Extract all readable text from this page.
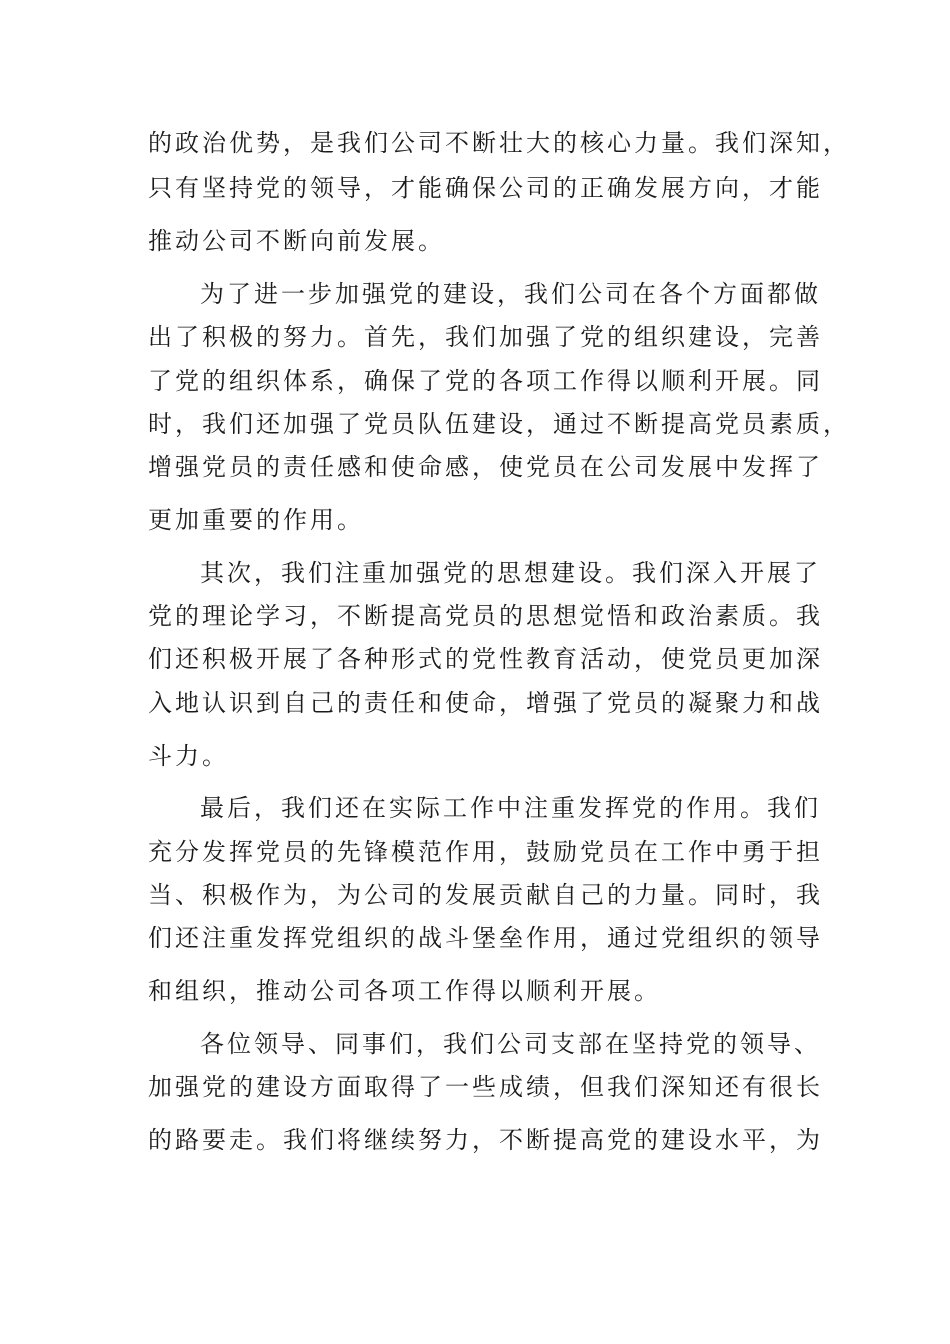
的政治优势，是我们公司不断壮大的核心力量。我们深知，
只有坚持党的领导，才能确保公司的正确发展方向，才能
推动公司不断向前发展。
为了进一步加强党的建设，我们公司在各个方面都做
出了积极的努力。首先，我们加强了党的组织建设，完善
了党的组织体系，确保了党的各项工作得以顺利开展。同
时，我们还加强了党员队伍建设，通过不断提高党员素质，
增强党员的责任感和使命感，使党员在公司发展中发挥了
更加重要的作用。
其次，我们注重加强党的思想建设。我们深入开展了
党的理论学习，不断提高党员的思想觉悟和政治素质。我
们还积极开展了各种形式的党性教育活动，使党员更加深
入地认识到自己的责任和使命，增强了党员的凝聚力和战
斗力。
最后，我们还在实际工作中注重发挥党的作用。我们
充分发挥党员的先锋模范作用，鼓励党员在工作中勇于担
当、积极作为，为公司的发展贡献自己的力量。同时，我
们还注重发挥党组织的战斗堡垒作用，通过党组织的领导
和组织，推动公司各项工作得以顺利开展。
各位领导、同事们，我们公司支部在坚持党的领导、
加强党的建设方面取得了一些成绩，但我们深知还有很长
的路要走。我们将继续努力，不断提高党的建设水平，为
